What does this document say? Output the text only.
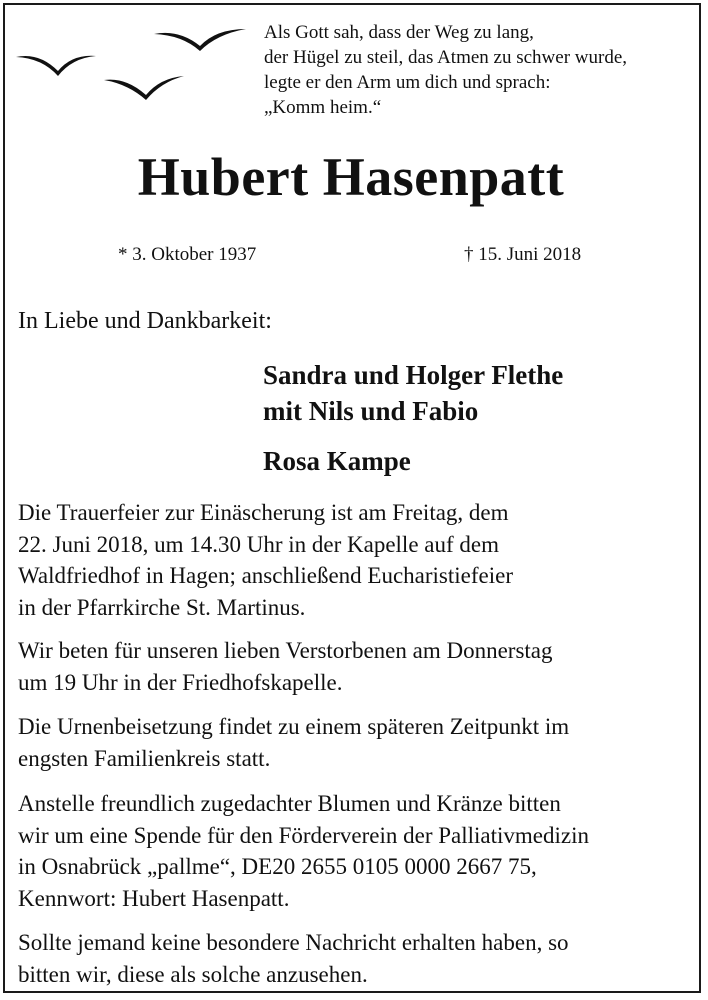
Als Gott sah, dass der Weg zu lang,
der Hügel zu steil, das Atmen zu schwer wurde,
legte er den Arm um dich und sprach:
„Komm heim.“
Hubert Hasenpatt
* 3. Oktober 1937	† 15. Juni 2018
In Liebe und Dankbarkeit:
Sandra und Holger Flethe
mit Nils und Fabio
Rosa Kampe
Die Trauerfeier zur Einäscherung ist am Freitag, dem
22. Juni 2018, um 14.30 Uhr in der Kapelle auf dem
Waldfriedhof in Hagen; anschließend Eucharistiefeier
in der Pfarrkirche St. Martinus.
Wir beten für unseren lieben Verstorbenen am Donnerstag
um 19 Uhr in der Friedhofskapelle.
Die Urnenbeisetzung findet zu einem späteren Zeitpunkt im
engsten Familienkreis statt.
Anstelle freundlich zugedachter Blumen und Kränze bitten
wir um eine Spende für den Förderverein der Palliativmedizin
in Osnabrück „pallme“, DE20 2655 0105 0000 2667 75,
Kennwort: Hubert Hasenpatt.
Sollte jemand keine besondere Nachricht erhalten haben, so
bitten wir, diese als solche anzusehen.
